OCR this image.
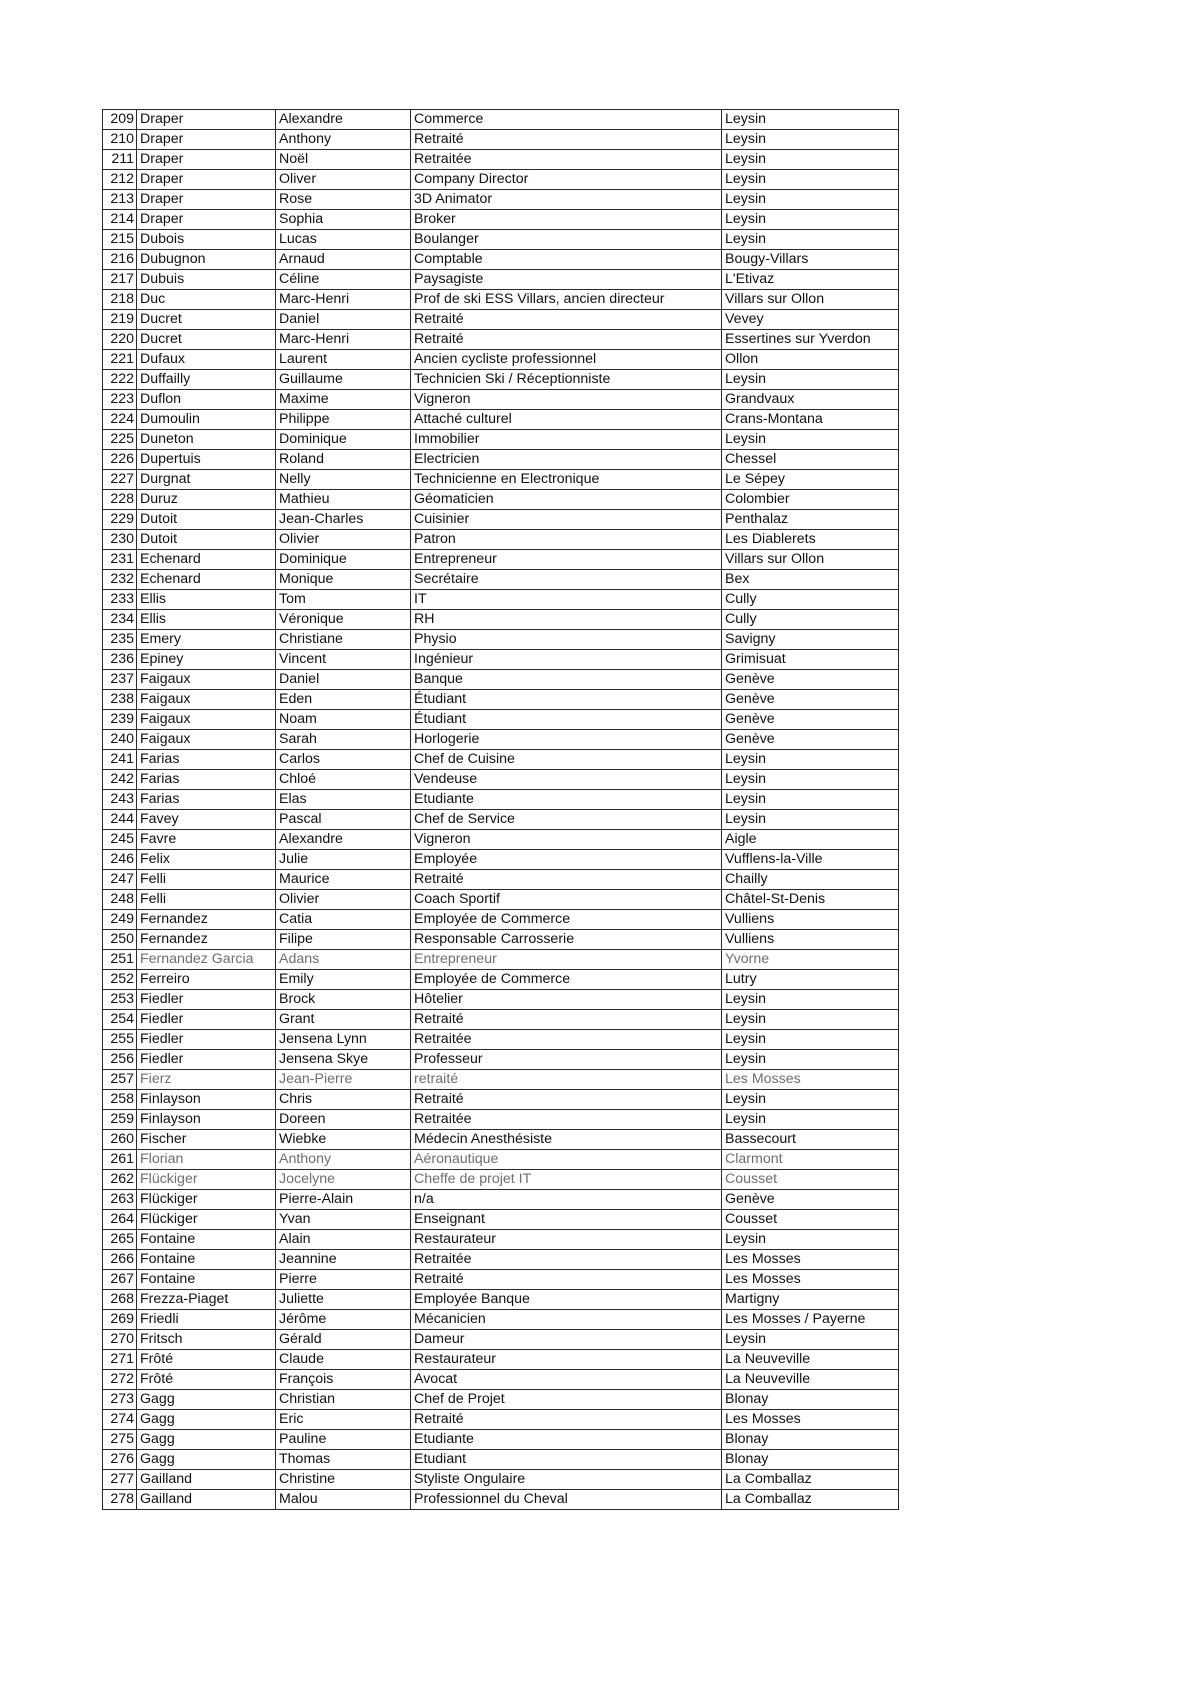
209	Draper	Alexandre	Commerce	Leysin
210	Draper	Anthony	Retraité	Leysin
211	Draper	Noël	Retraitée	Leysin
212	Draper	Oliver	Company Director	Leysin
213	Draper	Rose	3D Animator	Leysin
214	Draper	Sophia	Broker	Leysin
215	Dubois	Lucas	Boulanger	Leysin
216	Dubugnon	Arnaud	Comptable	Bougy-Villars
217	Dubuis	Céline	Paysagiste	L'Etivaz
218	Duc	Marc-Henri	Prof de ski ESS Villars, ancien directeur	Villars sur Ollon
219	Ducret	Daniel	Retraité	Vevey
220	Ducret	Marc-Henri	Retraité	Essertines sur Yverdon
221	Dufaux	Laurent	Ancien cycliste professionnel	Ollon
222	Duffailly	Guillaume	Technicien Ski / Réceptionniste	Leysin
223	Duflon	Maxime	Vigneron	Grandvaux
224	Dumoulin	Philippe	Attaché culturel	Crans-Montana
225	Duneton	Dominique	Immobilier	Leysin
226	Dupertuis	Roland	Electricien	Chessel
227	Durgnat	Nelly	Technicienne en Electronique	Le Sépey
228	Duruz	Mathieu	Géomaticien	Colombier
229	Dutoit	Jean-Charles	Cuisinier	Penthalaz
230	Dutoit	Olivier	Patron	Les Diablerets
231	Echenard	Dominique	Entrepreneur	Villars sur Ollon
232	Echenard	Monique	Secrétaire	Bex
233	Ellis	Tom	IT	Cully
234	Ellis	Véronique	RH	Cully
235	Emery	Christiane	Physio	Savigny
236	Epiney	Vincent	Ingénieur	Grimisuat
237	Faigaux	Daniel	Banque	Genève
238	Faigaux	Eden	Étudiant	Genève
239	Faigaux	Noam	Étudiant	Genève
240	Faigaux	Sarah	Horlogerie	Genève
241	Farias	Carlos	Chef de Cuisine	Leysin
242	Farias	Chloé	Vendeuse	Leysin
243	Farias	Elas	Etudiante	Leysin
244	Favey	Pascal	Chef de Service	Leysin
245	Favre	Alexandre	Vigneron	Aigle
246	Felix	Julie	Employée	Vufflens-la-Ville
247	Felli	Maurice	Retraité	Chailly
248	Felli	Olivier	Coach Sportif	Châtel-St-Denis
249	Fernandez	Catia	Employée de Commerce	Vulliens
250	Fernandez	Filipe	Responsable Carrosserie	Vulliens
251	Fernandez Garcia	Adans	Entrepreneur	Yvorne
252	Ferreiro	Emily	Employée de Commerce	Lutry
253	Fiedler	Brock	Hôtelier	Leysin
254	Fiedler	Grant	Retraité	Leysin
255	Fiedler	Jensena Lynn	Retraitée	Leysin
256	Fiedler	Jensena Skye	Professeur	Leysin
257	Fierz	Jean-Pierre	retraité	Les Mosses
258	Finlayson	Chris	Retraité	Leysin
259	Finlayson	Doreen	Retraitée	Leysin
260	Fischer	Wiebke	Médecin Anesthésiste	Bassecourt
261	Florian	Anthony	Aéronautique	Clarmont
262	Flückiger	Jocelyne	Cheffe de projet IT	Cousset
263	Flückiger	Pierre-Alain	n/a	Genève
264	Flückiger	Yvan	Enseignant	Cousset
265	Fontaine	Alain	Restaurateur	Leysin
266	Fontaine	Jeannine	Retraitée	Les Mosses
267	Fontaine	Pierre	Retraité	Les Mosses
268	Frezza-Piaget	Juliette	Employée Banque	Martigny
269	Friedli	Jérôme	Mécanicien	Les Mosses / Payerne
270	Fritsch	Gérald	Dameur	Leysin
271	Frôté	Claude	Restaurateur	La Neuveville
272	Frôté	François	Avocat	La Neuveville
273	Gagg	Christian	Chef de Projet	Blonay
274	Gagg	Eric	Retraité	Les Mosses
275	Gagg	Pauline	Etudiante	Blonay
276	Gagg	Thomas	Etudiant	Blonay
277	Gailland	Christine	Styliste Ongulaire	La Comballaz
278	Gailland	Malou	Professionnel du Cheval	La Comballaz
